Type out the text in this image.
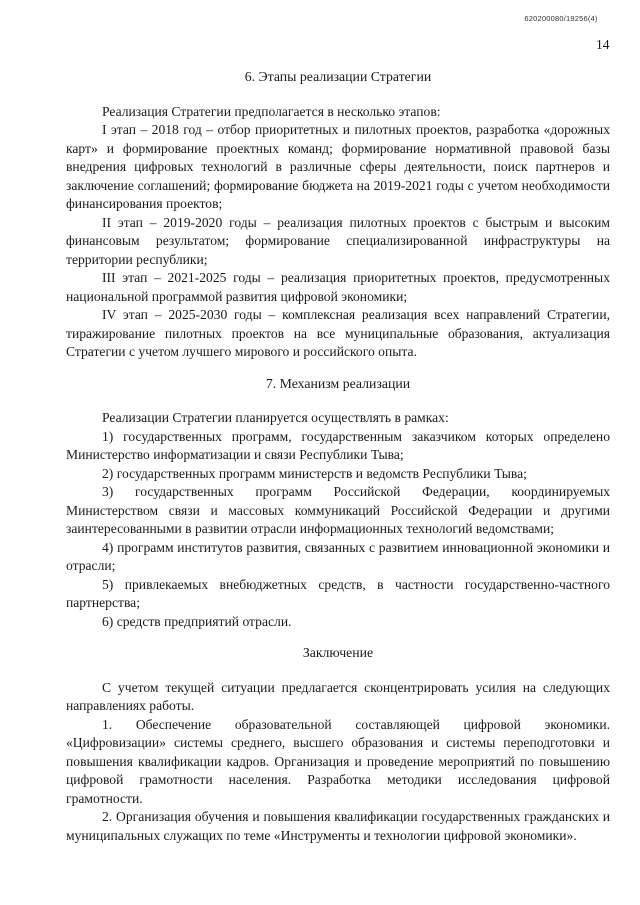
620200080/19256(4)
14
6. Этапы реализации Стратегии

Реализация Стратегии предполагается в несколько этапов:

I этап – 2018 год – отбор приоритетных и пилотных проектов, разработка «дорожных карт» и формирование проектных команд; формирование нормативной правовой базы внедрения цифровых технологий в различные сферы деятельности, поиск партнеров и заключение соглашений; формирование бюджета на 2019-2021 годы с учетом необходимости финансирования проектов;

II этап – 2019-2020 годы – реализация пилотных проектов с быстрым и высоким финансовым результатом; формирование специализированной инфраструктуры на территории республики;

III этап – 2021-2025 годы – реализация приоритетных проектов, предусмотренных национальной программой развития цифровой экономики;

IV этап – 2025-2030 годы – комплексная реализация всех направлений Стратегии, тиражирование пилотных проектов на все муниципальные образования, актуализация Стратегии с учетом лучшего мирового и российского опыта.

7. Механизм реализации

Реализации Стратегии планируется осуществлять в рамках:

1) государственных программ, государственным заказчиком которых определено Министерство информатизации и связи Республики Тыва;

2) государственных программ министерств и ведомств Республики Тыва;

3) государственных программ Российской Федерации, координируемых Министерством связи и массовых коммуникаций Российской Федерации и другими заинтересованными в развитии отрасли информационных технологий ведомствами;

4) программ институтов развития, связанных с развитием инновационной экономики и отрасли;

5) привлекаемых внебюджетных средств, в частности государственно-частного партнерства;

6) средств предприятий отрасли.

Заключение

С учетом текущей ситуации предлагается сконцентрировать усилия на следующих направлениях работы.

1. Обеспечение образовательной составляющей цифровой экономики. «Цифровизации» системы среднего, высшего образования и системы переподготовки и повышения квалификации кадров. Организация и проведение мероприятий по повышению цифровой грамотности населения. Разработка методики исследования цифровой грамотности.

2. Организация обучения и повышения квалификации государственных гражданских и муниципальных служащих по теме «Инструменты и технологии цифровой экономики».
